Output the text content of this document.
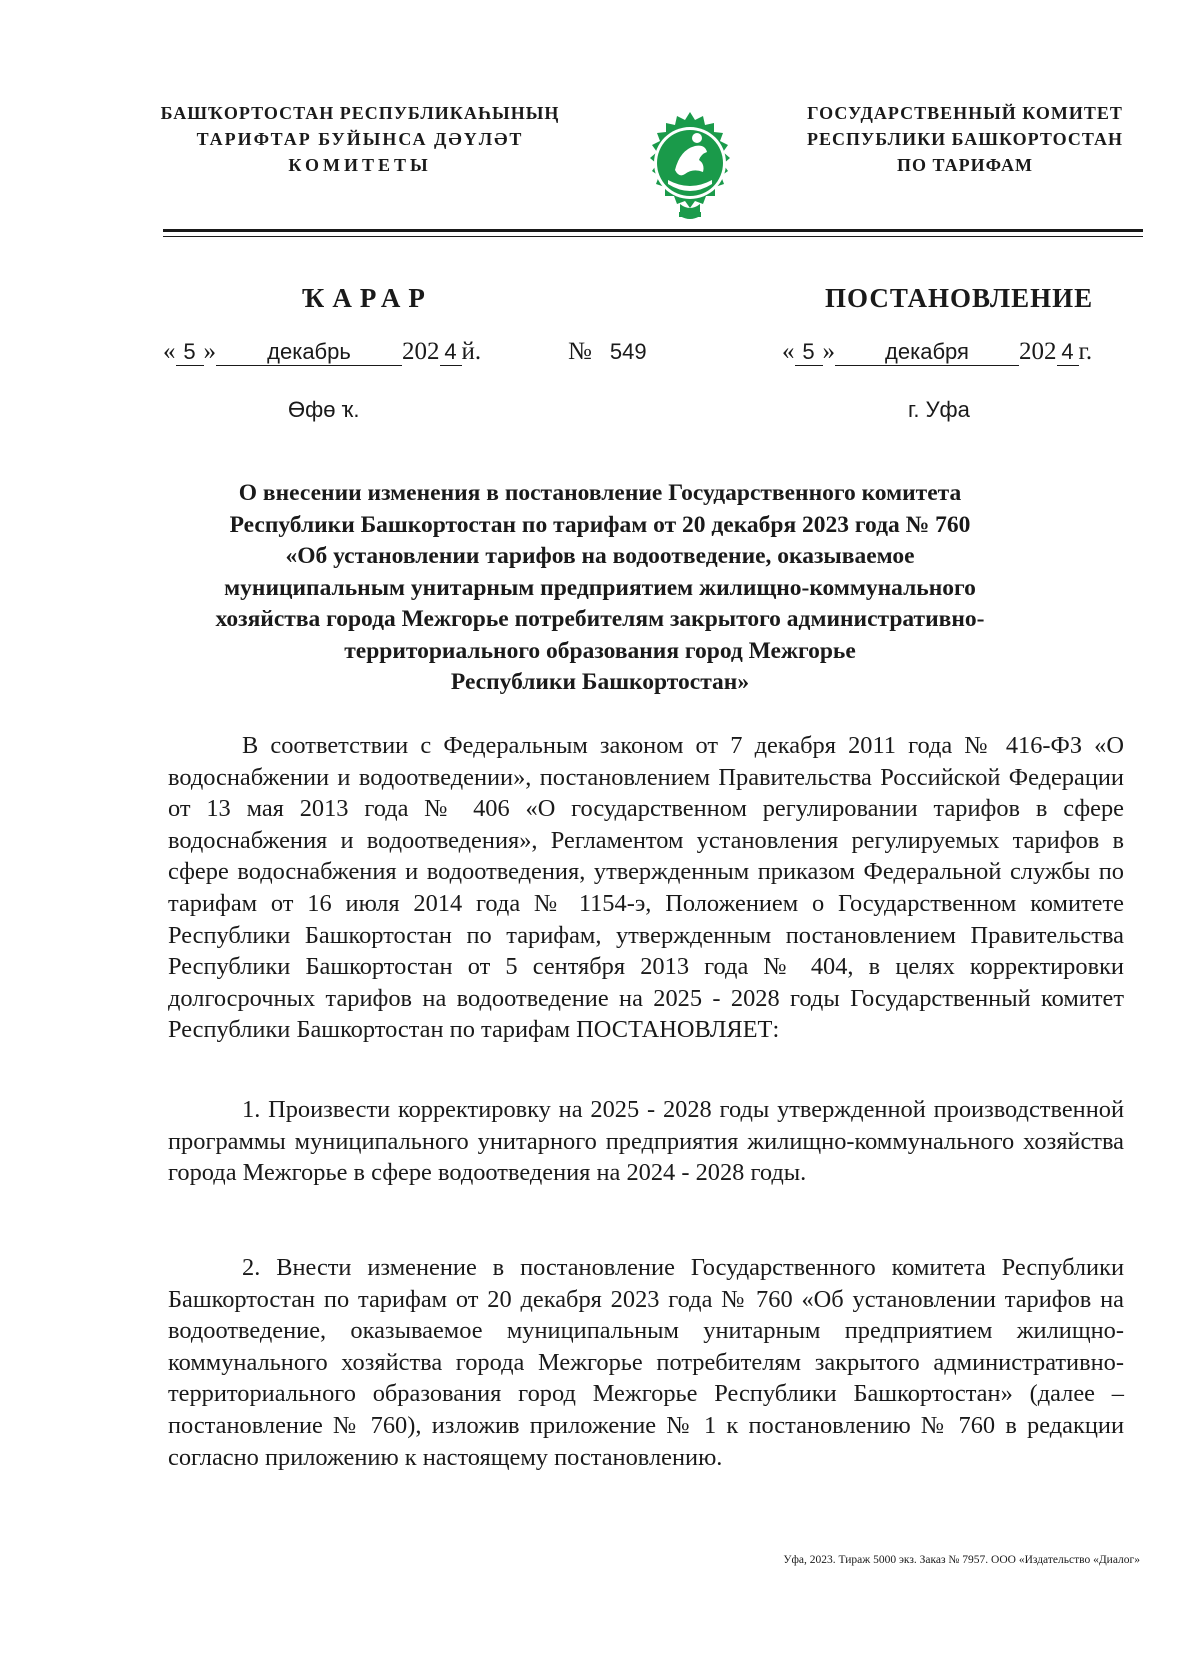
БАШҠОРТОСТАН РЕСПУБЛИКАҺЫНЫҢ
ТАРИФТАР БУЙЫНСА ДӘҮЛӘТ
КОМИТЕТЫ
ГОСУДАРСТВЕННЫЙ КОМИТЕТ
РЕСПУБЛИКИ БАШКОРТОСТАН
ПО ТАРИФАМ
ҠАРАР	ПОСТАНОВЛЕНИЕ
« 5 » декабрь 202 4 й.	№ 549	« 5 » декабря 202 4 г.
Өфө ҡ.	г. Уфа
О внесении изменения в постановление Государственного комитета
Республики Башкортостан по тарифам от 20 декабря 2023 года № 760
«Об установлении тарифов на водоотведение, оказываемое
муниципальным унитарным предприятием жилищно-коммунального
хозяйства города Межгорье потребителям закрытого административно-
территориального образования город Межгорье
Республики Башкортостан»
В соответствии с Федеральным законом от 7 декабря 2011 года № 416-ФЗ «О водоснабжении и водоотведении», постановлением Правительства Российской Федерации от 13 мая 2013 года № 406 «О государственном регулировании тарифов в сфере водоснабжения и водоотведения», Регламентом установления регулируемых тарифов в сфере водоснабжения и водоотведения, утвержденным приказом Федеральной службы по тарифам от 16 июля 2014 года № 1154-э, Положением о Государственном комитете Республики Башкортостан по тарифам, утвержденным постановлением Правительства Республики Башкортостан от 5 сентября 2013 года № 404, в целях корректировки долгосрочных тарифов на водоотведение на 2025 - 2028 годы Государственный комитет Республики Башкортостан по тарифам ПОСТАНОВЛЯЕТ:
1. Произвести корректировку на 2025 - 2028 годы утвержденной производственной программы муниципального унитарного предприятия жилищно-коммунального хозяйства города Межгорье в сфере водоотведения на 2024 - 2028 годы.
2. Внести изменение в постановление Государственного комитета Республики Башкортостан по тарифам от 20 декабря 2023 года № 760 «Об установлении тарифов на водоотведение, оказываемое муниципальным унитарным предприятием жилищно-коммунального хозяйства города Межгорье потребителям закрытого административно-территориального образования город Межгорье Республики Башкортостан» (далее – постановление № 760), изложив приложение № 1 к постановлению № 760 в редакции согласно приложению к настоящему постановлению.
Уфа, 2023. Тираж 5000 экз. Заказ № 7957. ООО «Издательство «Диалог»
